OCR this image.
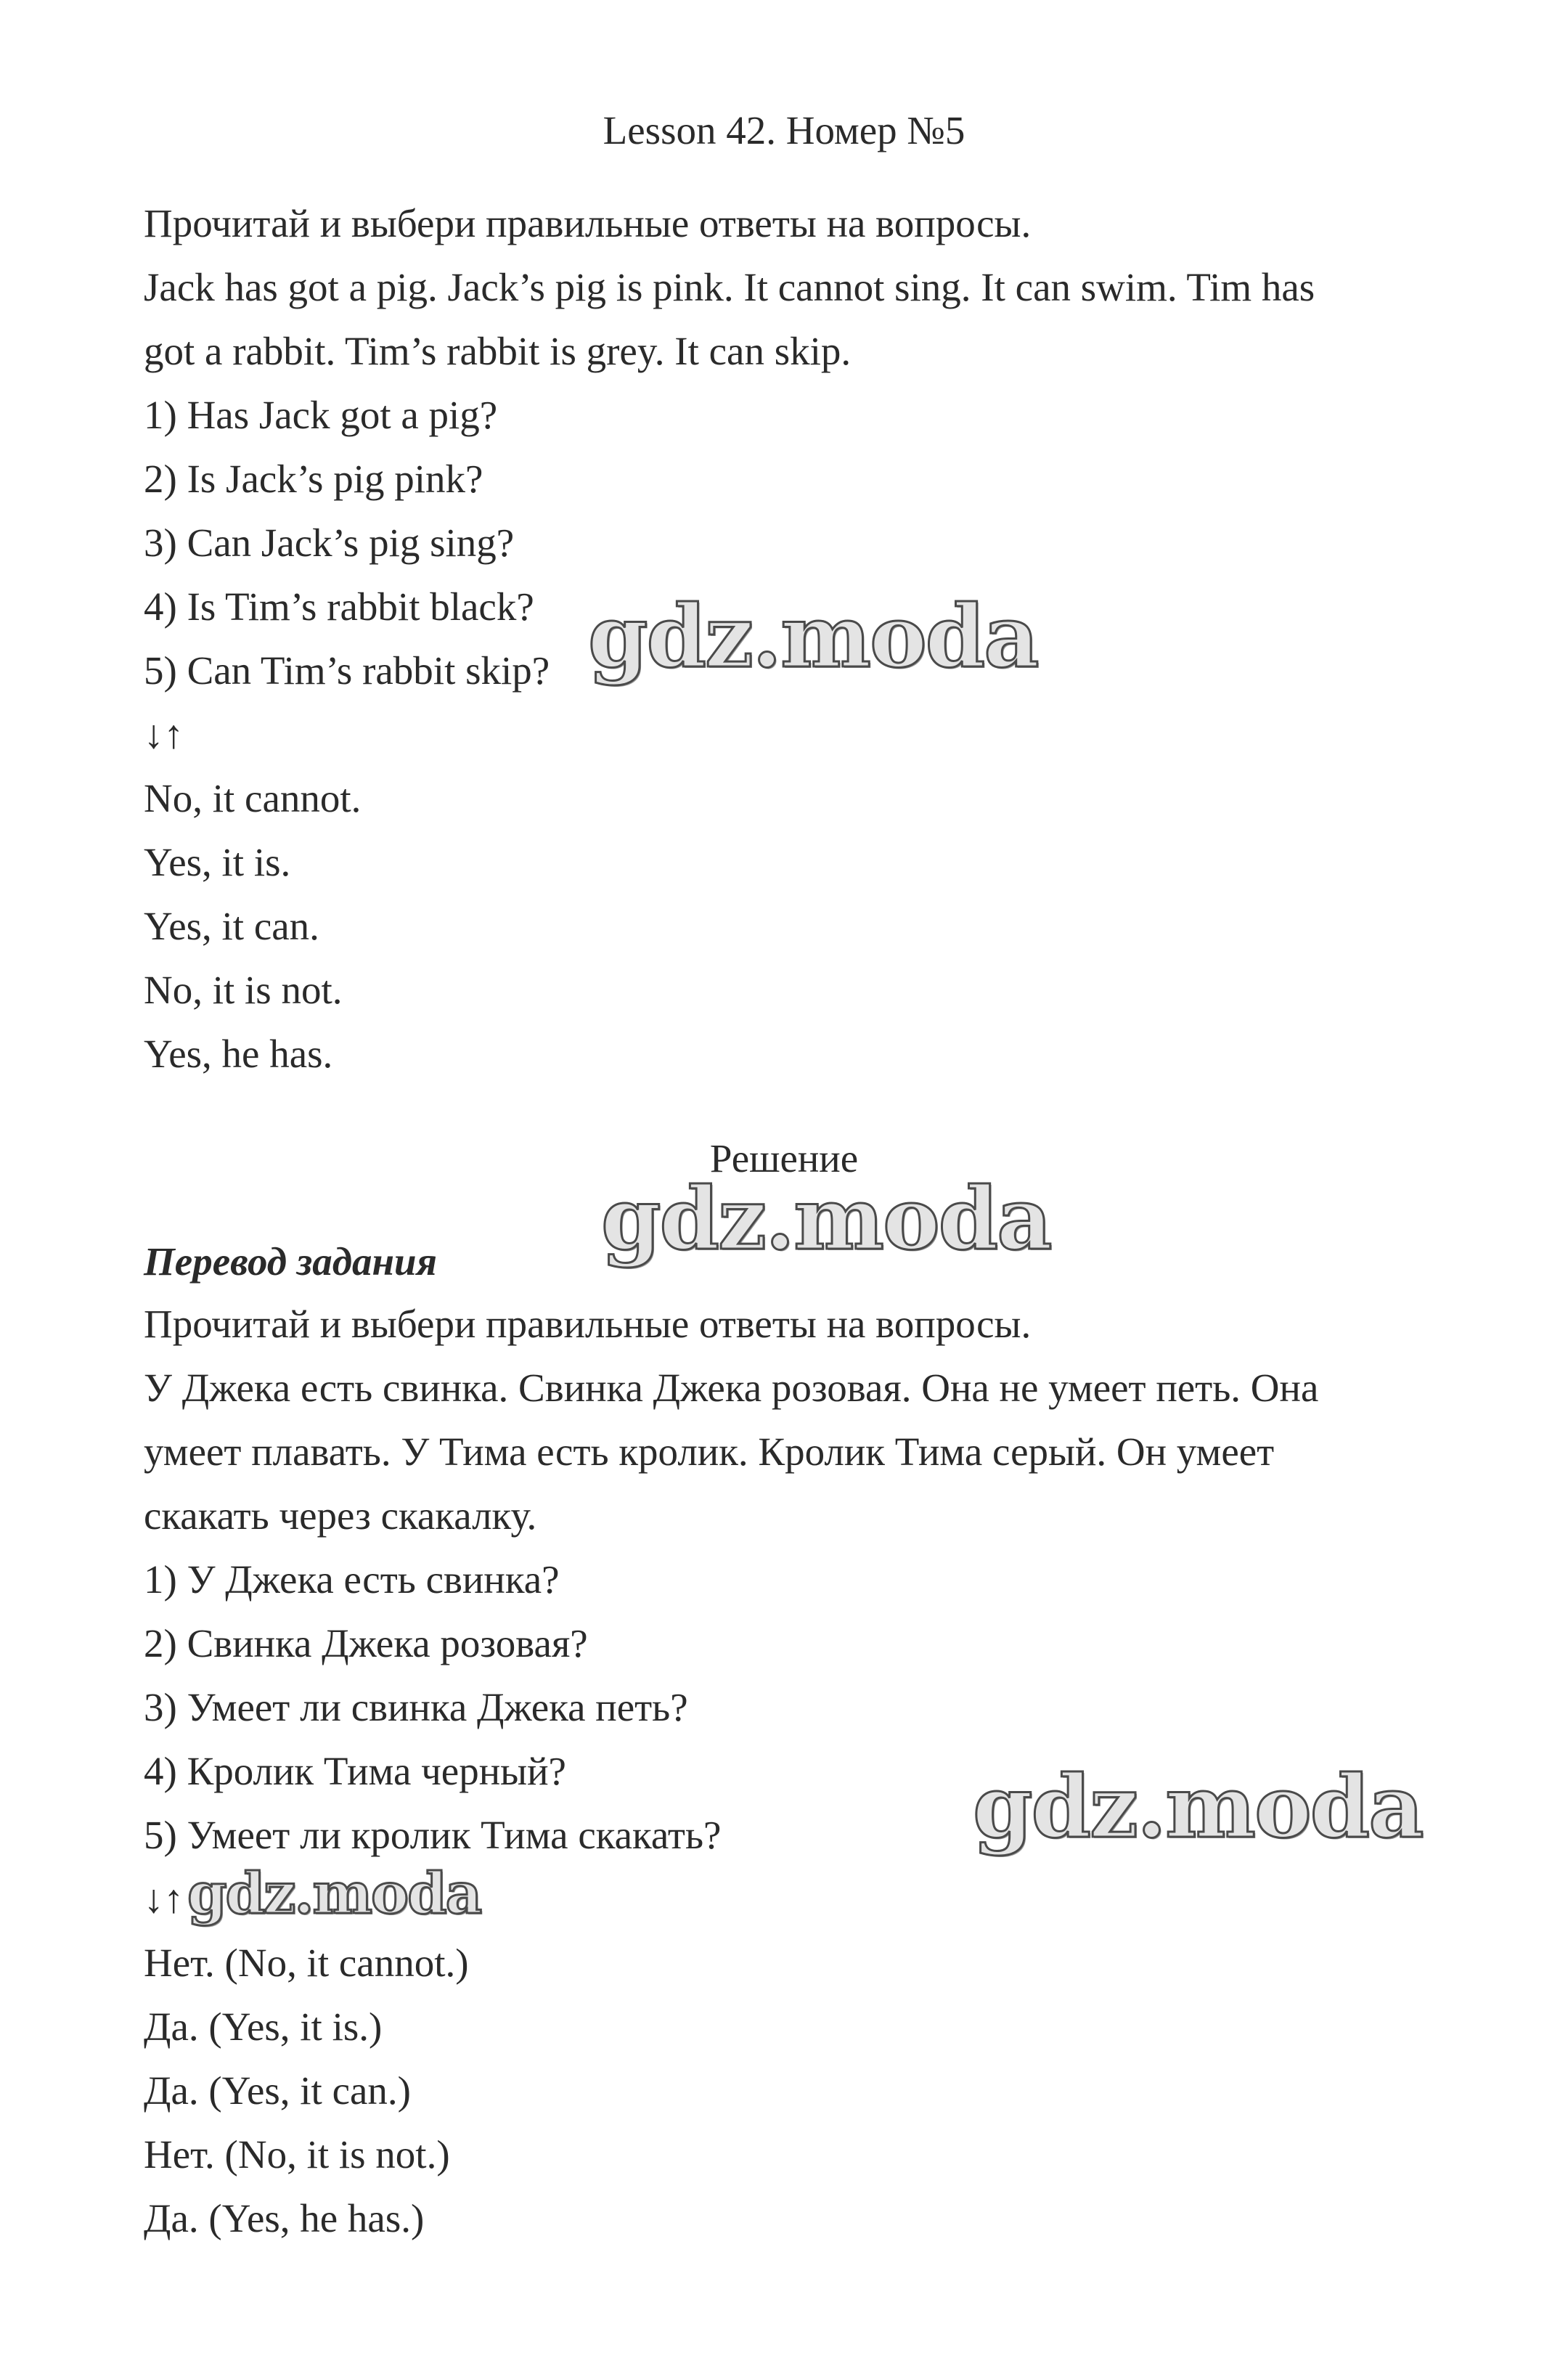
Lesson 42. Номер №5
Прочитай и выбери правильные ответы на вопросы.
Jack has got a pig. Jack’s pig is pink. It cannot sing. It can swim. Tim has
got a rabbit. Tim’s rabbit is grey. It can skip.
1) Has Jack got a pig?
2) Is Jack’s pig pink?
3) Can Jack’s pig sing?
4) Is Tim’s rabbit black?
5) Can Tim’s rabbit skip?
↓↑
No, it cannot.
Yes, it is.
Yes, it can.
No, it is not.
Yes, he has.
Решение
Перевод задания
Прочитай и выбери правильные ответы на вопросы.
У Джека есть свинка. Свинка Джека розовая. Она не умеет петь. Она
умеет плавать. У Тима есть кролик. Кролик Тима серый. Он умеет
скакать через скакалку.
1) У Джека есть свинка?
2) Свинка Джека розовая?
3) Умеет ли свинка Джека петь?
4) Кролик Тима черный?
5) Умеет ли кролик Тима скакать?
↓↑
Нет. (No, it cannot.)
Да. (Yes, it is.)
Да. (Yes, it can.)
Нет. (No, it is not.)
Да. (Yes, he has.)
gdz.moda
gdz.moda
gdz.moda
gdz.moda
